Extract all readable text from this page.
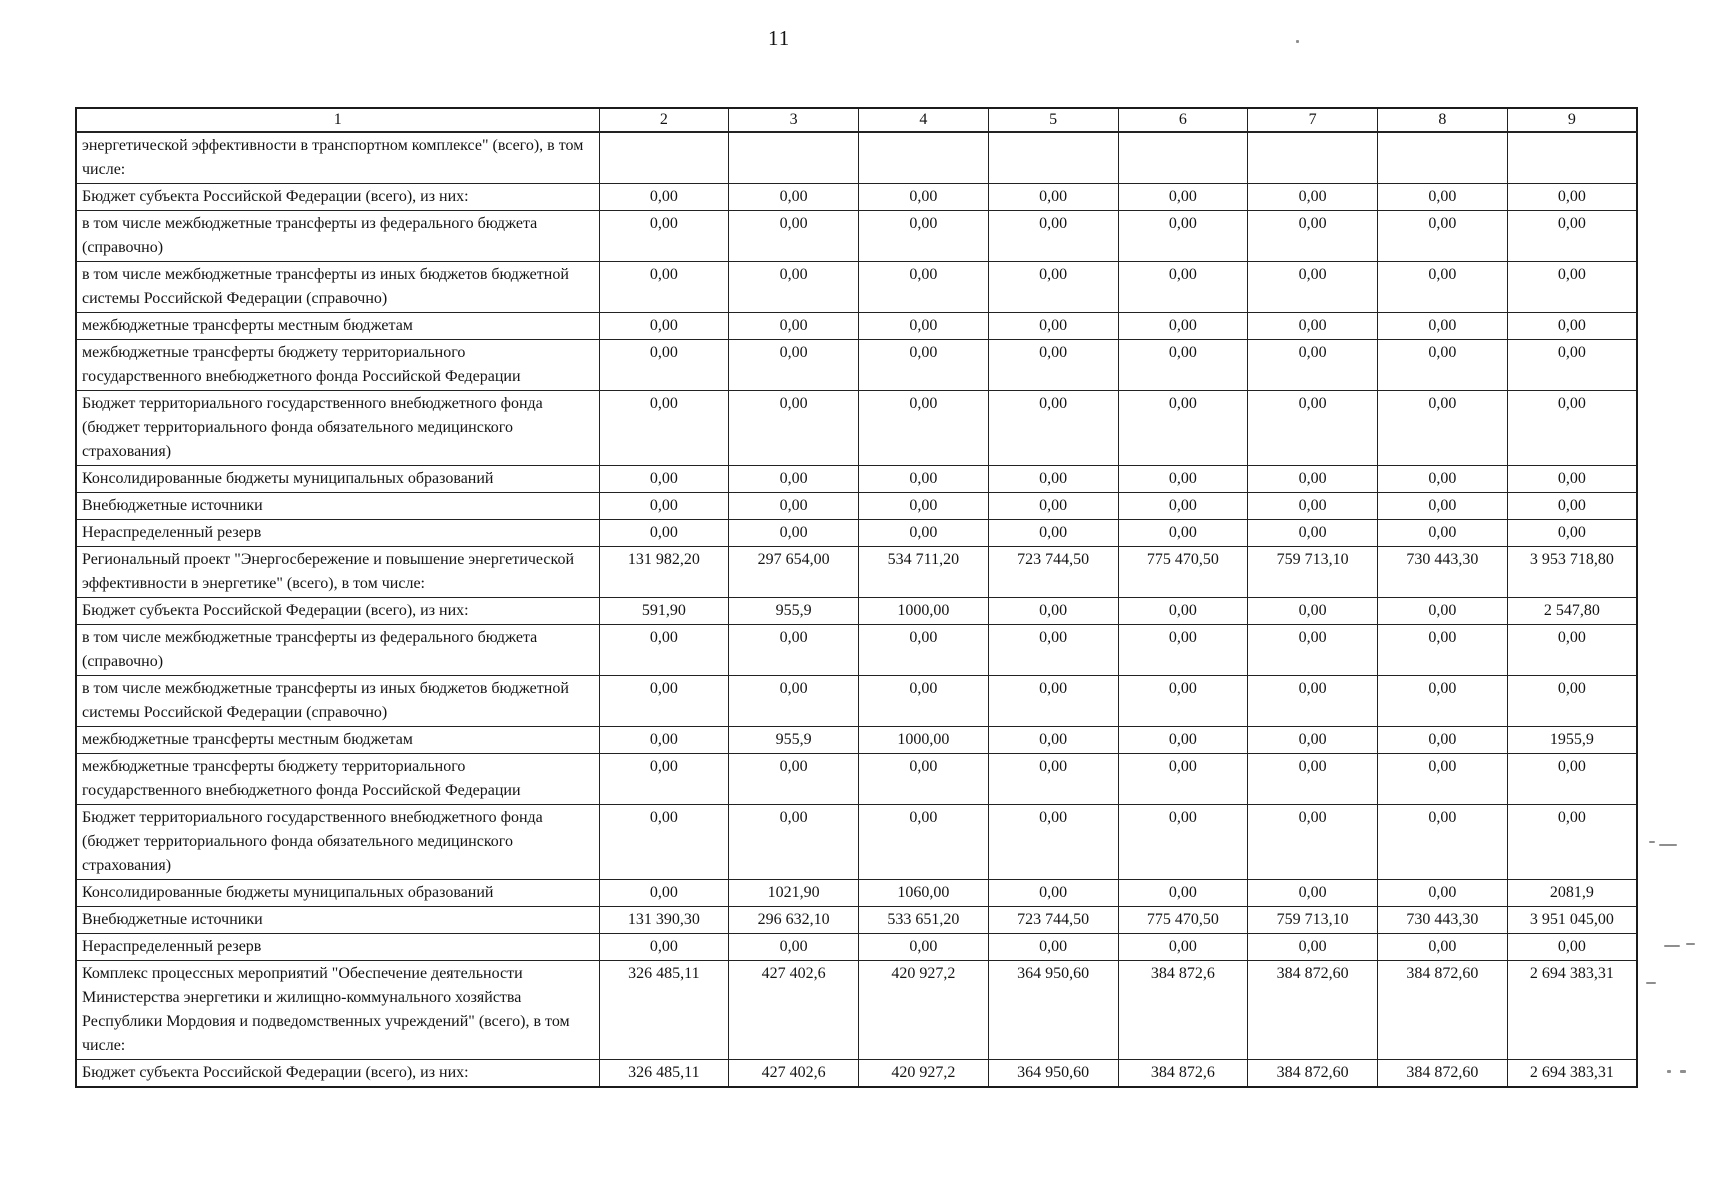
11
1	2	3	4	5	6	7	8	9
энергетической эффективности в транспортном комплексе" (всего), в том числе:								
Бюджет субъекта Российской Федерации (всего), из них:	0,00	0,00	0,00	0,00	0,00	0,00	0,00	0,00
в том числе межбюджетные трансферты из федерального бюджета (справочно)	0,00	0,00	0,00	0,00	0,00	0,00	0,00	0,00
в том числе межбюджетные трансферты из иных бюджетов бюджетной системы Российской Федерации (справочно)	0,00	0,00	0,00	0,00	0,00	0,00	0,00	0,00
межбюджетные трансферты местным бюджетам	0,00	0,00	0,00	0,00	0,00	0,00	0,00	0,00
межбюджетные трансферты бюджету территориального государственного внебюджетного фонда Российской Федерации	0,00	0,00	0,00	0,00	0,00	0,00	0,00	0,00
Бюджет территориального государственного внебюджетного фонда (бюджет территориального фонда обязательного медицинского страхования)	0,00	0,00	0,00	0,00	0,00	0,00	0,00	0,00
Консолидированные бюджеты муниципальных образований	0,00	0,00	0,00	0,00	0,00	0,00	0,00	0,00
Внебюджетные источники	0,00	0,00	0,00	0,00	0,00	0,00	0,00	0,00
Нераспределенный резерв	0,00	0,00	0,00	0,00	0,00	0,00	0,00	0,00
Региональный проект "Энергосбережение и повышение энергетической эффективности в энергетике" (всего), в том числе:	131 982,20	297 654,00	534 711,20	723 744,50	775 470,50	759 713,10	730 443,30	3 953 718,80
Бюджет субъекта Российской Федерации (всего), из них:	591,90	955,9	1000,00	0,00	0,00	0,00	0,00	2 547,80
в том числе межбюджетные трансферты из федерального бюджета (справочно)	0,00	0,00	0,00	0,00	0,00	0,00	0,00	0,00
в том числе межбюджетные трансферты из иных бюджетов бюджетной системы Российской Федерации (справочно)	0,00	0,00	0,00	0,00	0,00	0,00	0,00	0,00
межбюджетные трансферты местным бюджетам	0,00	955,9	1000,00	0,00	0,00	0,00	0,00	1955,9
межбюджетные трансферты бюджету территориального государственного внебюджетного фонда Российской Федерации	0,00	0,00	0,00	0,00	0,00	0,00	0,00	0,00
Бюджет территориального государственного внебюджетного фонда (бюджет территориального фонда обязательного медицинского страхования)	0,00	0,00	0,00	0,00	0,00	0,00	0,00	0,00
Консолидированные бюджеты муниципальных образований	0,00	1021,90	1060,00	0,00	0,00	0,00	0,00	2081,9
Внебюджетные источники	131 390,30	296 632,10	533 651,20	723 744,50	775 470,50	759 713,10	730 443,30	3 951 045,00
Нераспределенный резерв	0,00	0,00	0,00	0,00	0,00	0,00	0,00	0,00
Комплекс процессных мероприятий "Обеспечение деятельности Министерства энергетики и жилищно-коммунального хозяйства Республики Мордовия и подведомственных учреждений" (всего), в том числе:	326 485,11	427 402,6	420 927,2	364 950,60	384 872,6	384 872,60	384 872,60	2 694 383,31
Бюджет субъекта Российской Федерации (всего), из них:	326 485,11	427 402,6	420 927,2	364 950,60	384 872,6	384 872,60	384 872,60	2 694 383,31
